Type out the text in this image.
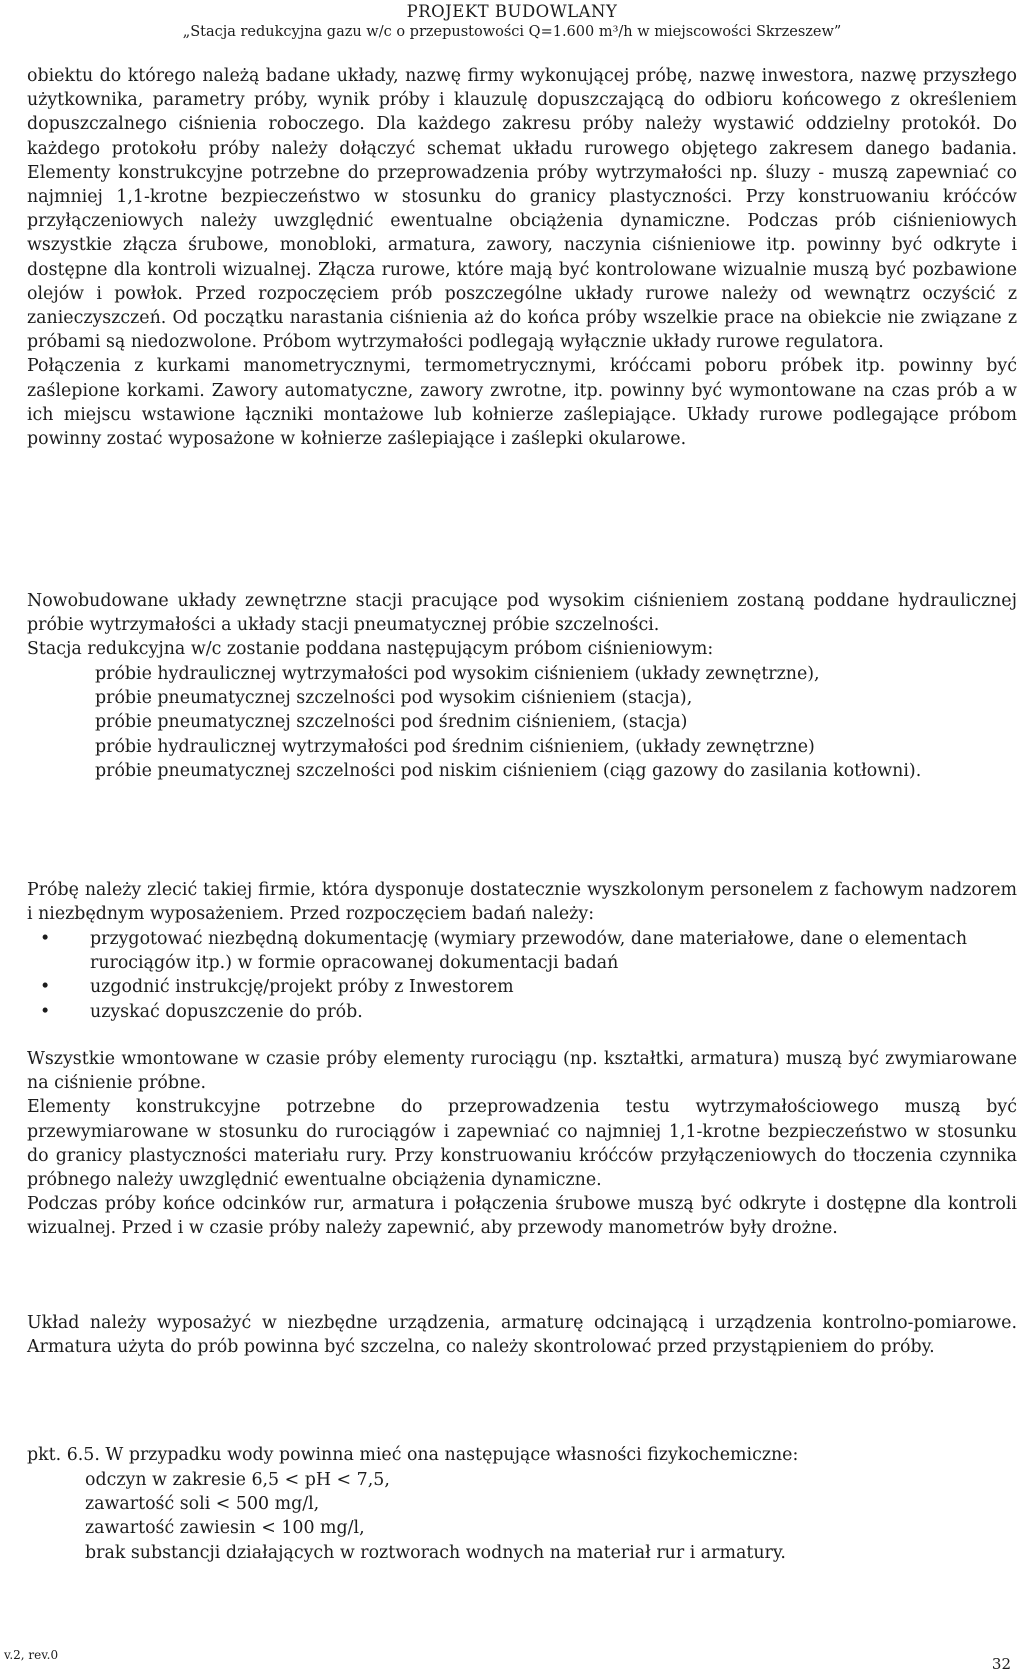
PROJEKT BUDOWLANY
„Stacja redukcyjna gazu w/c o przepustowości Q=1.600 m³/h w miejscowości Skrzeszew”

obiektu do którego należą badane układy, nazwę firmy wykonującej próbę, nazwę inwestora, nazwę przyszłego użytkownika, parametry próby, wynik próby i klauzulę dopuszczającą do odbioru końcowego z określeniem dopuszczalnego ciśnienia roboczego. Dla każdego zakresu próby należy wystawić oddzielny protokół. Do każdego protokołu próby należy dołączyć schemat układu rurowego objętego zakresem danego badania. Elementy konstrukcyjne potrzebne do przeprowadzenia próby wytrzymałości np. śluzy - muszą zapewniać co najmniej 1,1-krotne bezpieczeństwo w stosunku do granicy plastyczności. Przy konstruowaniu króćców przyłączeniowych należy uwzględnić ewentualne obciążenia dynamiczne. Podczas prób ciśnieniowych wszystkie złącza śrubowe, monobloki, armatura, zawory, naczynia ciśnieniowe itp. powinny być odkryte i dostępne dla kontroli wizualnej. Złącza rurowe, które mają być kontrolowane wizualnie muszą być pozbawione olejów i powłok. Przed rozpoczęciem prób poszczególne układy rurowe należy od wewnątrz oczyścić z zanieczyszczeń. Od początku narastania ciśnienia aż do końca próby wszelkie prace na obiekcie nie związane z próbami są niedozwolone. Próbom wytrzymałości podlegają wyłącznie układy rurowe regulatora.

Połączenia z kurkami manometrycznymi, termometrycznymi, króćcami poboru próbek itp. powinny być zaślepione korkami. Zawory automatyczne, zawory zwrotne, itp. powinny być wymontowane na czas prób a w ich miejscu wstawione łączniki montażowe lub kołnierze zaślepiające. Układy rurowe podlegające próbom powinny zostać wyposażone w kołnierze zaślepiające i zaślepki okularowe.

Nowobudowane układy zewnętrzne stacji pracujące pod wysokim ciśnieniem zostaną poddane hydraulicznej próbie wytrzymałości a układy stacji pneumatycznej próbie szczelności.

Stacja redukcyjna w/c zostanie poddana następującym próbom ciśnieniowym:

próbie hydraulicznej wytrzymałości pod wysokim ciśnieniem (układy zewnętrzne),
próbie pneumatycznej szczelności pod wysokim ciśnieniem (stacja),
próbie pneumatycznej szczelności pod średnim ciśnieniem, (stacja)
próbie hydraulicznej wytrzymałości pod średnim ciśnieniem, (układy zewnętrzne)
próbie pneumatycznej szczelności pod niskim ciśnieniem (ciąg gazowy do zasilania kotłowni).

Próbę należy zlecić takiej firmie, która dysponuje dostatecznie wyszkolonym personelem z fachowym nadzorem i niezbędnym wyposażeniem. Przed rozpoczęciem badań należy:

• przygotować niezbędną dokumentację (wymiary przewodów, dane materiałowe, dane o elementach rurociągów itp.) w formie opracowanej dokumentacji badań
• uzgodnić instrukcję/projekt próby z Inwestorem
• uzyskać dopuszczenie do prób.

Wszystkie wmontowane w czasie próby elementy rurociągu (np. kształtki, armatura) muszą być zwymiarowane na ciśnienie próbne.

Elementy konstrukcyjne potrzebne do przeprowadzenia testu wytrzymałościowego muszą być przewymiarowane w stosunku do rurociągów i zapewniać co najmniej 1,1-krotne bezpieczeństwo w stosunku do granicy plastyczności materiału rury. Przy konstruowaniu króćców przyłączeniowych do tłoczenia czynnika próbnego należy uwzględnić ewentualne obciążenia dynamiczne.

Podczas próby końce odcinków rur, armatura i połączenia śrubowe muszą być odkryte i dostępne dla kontroli wizualnej. Przed i w czasie próby należy zapewnić, aby przewody manometrów były drożne.

Układ należy wyposażyć w niezbędne urządzenia, armaturę odcinającą i urządzenia kontrolno-pomiarowe. Armatura użyta do prób powinna być szczelna, co należy skontrolować przed przystąpieniem do próby.

pkt. 6.5. W przypadku wody powinna mieć ona następujące własności fizykochemiczne:

odczyn w zakresie 6,5 < pH < 7,5,
zawartość soli < 500 mg/l,
zawartość zawiesin < 100 mg/l,
brak substancji działających w roztworach wodnych na materiał rur i armatury.
v.2, rev.0	32
